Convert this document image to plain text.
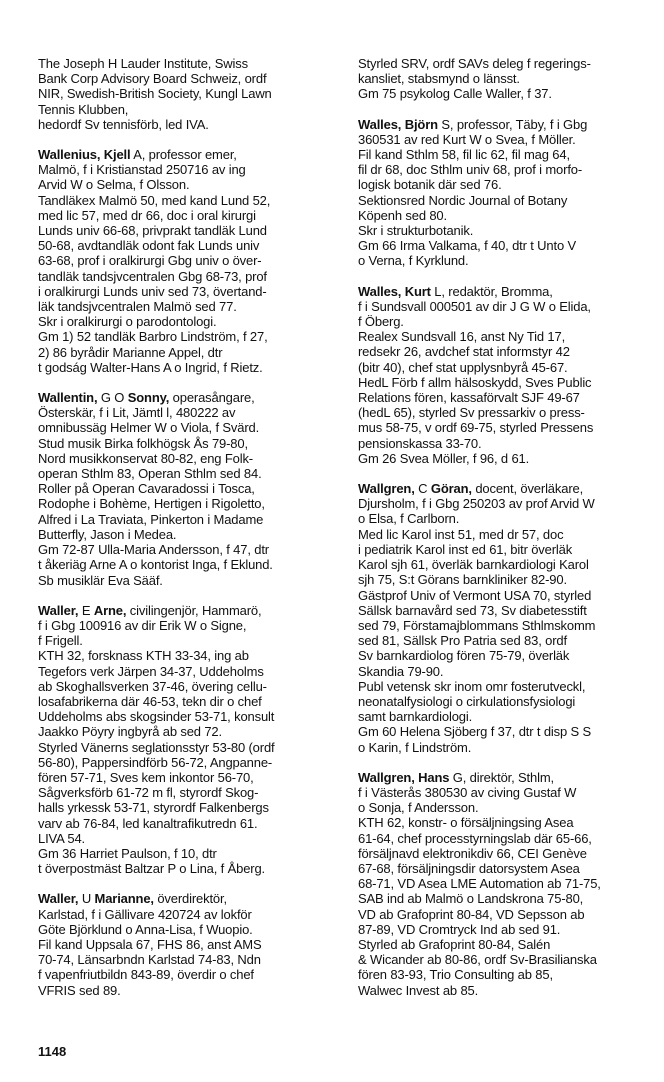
The Joseph H Lauder Institute, Swiss
Bank Corp Advisory Board Schweiz, ordf
NIR, Swedish-British Society, Kungl Lawn
Tennis Klubben,
hedordf Sv tennisförb, led IVA.
Wallenius, Kjell A, professor emer,
Malmö, f i Kristianstad 250716 av ing
Arvid W o Selma, f Olsson.
Tandläkex Malmö 50, med kand Lund 52,
med lic 57, med dr 66, doc i oral kirurgi
Lunds univ 66-68, privprakt tandläk Lund
50-68, avdtandläk odont fak Lunds univ
63-68, prof i oralkirurgi Gbg univ o över-
tandläk tandsjvcentralen Gbg 68-73, prof
i oralkirurgi Lunds univ sed 73, övertand-
läk tandsjvcentralen Malmö sed 77.
Skr i oralkirurgi o parodontologi.
Gm 1) 52 tandläk Barbro Lindström, f 27,
2) 86 byrådir Marianne Appel, dtr
t godság Walter-Hans A o Ingrid, f Rietz.
Wallentin, G O Sonny, operasångare,
Österskär, f i Lit, Jämtl l, 480222 av
omnibussäg Helmer W o Viola, f Svärd.
Stud musik Birka folkhögsk Ås 79-80,
Nord musikkonservat 80-82, eng Folk-
operan Sthlm 83, Operan Sthlm sed 84.
Roller på Operan Cavaradossi i Tosca,
Rodophe i Bohème, Hertigen i Rigoletto,
Alfred i La Traviata, Pinkerton i Madame
Butterfly, Jason i Medea.
Gm 72-87 Ulla-Maria Andersson, f 47, dtr
t åkeriäg Arne A o kontorist Inga, f Eklund.
Sb musiklär Eva Sääf.
Waller, E Arne, civilingenjör, Hammarö,
f i Gbg 100916 av dir Erik W o Signe,
f Frigell.
KTH 32, forsknass KTH 33-34, ing ab
Tegefors verk Järpen 34-37, Uddeholms
ab Skoghallsverken 37-46, övering cellu-
losafabrikerna där 46-53, tekn dir o chef
Uddeholms abs skogsinder 53-71, konsult
Jaakko Pöyry ingbyrå ab sed 72.
Styrled Vänerns seglationsstyr 53-80 (ordf
56-80), Pappersindförb 56-72, Angpanne-
fören 57-71, Sves kem inkontor 56-70,
Sågverksförb 61-72 m fl, styrordf Skog-
halls yrkessk 53-71, styrordf Falkenbergs
varv ab 76-84, led kanaltrafikutredn 61.
LIVA 54.
Gm 36 Harriet Paulson, f 10, dtr
t överpostmäst Baltzar P o Lina, f Åberg.
Waller, U Marianne, överdirektör,
Karlstad, f i Gällivare 420724 av lokför
Göte Björklund o Anna-Lisa, f Wuopio.
Fil kand Uppsala 67, FHS 86, anst AMS
70-74, Länsarbndn Karlstad 74-83, Ndn
f vapenfriutbildn 843-89, överdir o chef
VFRIS sed 89.
Styrled SRV, ordf SAVs deleg f regerings-
kansliet, stabsmynd o länsst.
Gm 75 psykolog Calle Waller, f 37.
Walles, Björn S, professor, Täby, f i Gbg
360531 av red Kurt W o Svea, f Möller.
Fil kand Sthlm 58, fil lic 62, fil mag 64,
fil dr 68, doc Sthlm univ 68, prof i morfo-
logisk botanik där sed 76.
Sektionsred Nordic Journal of Botany
Köpenh sed 80.
Skr i strukturbotanik.
Gm 66 Irma Valkama, f 40, dtr t Unto V
o Verna, f Kyrklund.
Walles, Kurt L, redaktör, Bromma,
f i Sundsvall 000501 av dir J G W o Elida,
f Öberg.
Realex Sundsvall 16, anst Ny Tid 17,
redsekr 26, avdchef stat informstyr 42
(bitr 40), chef stat upplysnbyrå 45-67.
HedL Förb f allm hälsoskydd, Sves Public
Relations fören, kassaförvalt SJF 49-67
(hedL 65), styrled Sv pressarkiv o press-
mus 58-75, v ordf 69-75, styrled Pressens
pensionskassa 33-70.
Gm 26 Svea Möller, f 96, d 61.
Wallgren, C Göran, docent, överläkare,
Djursholm, f i Gbg 250203 av prof Arvid W
o Elsa, f Carlborn.
Med lic Karol inst 51, med dr 57, doc
i pediatrik Karol inst ed 61, bitr överläk
Karol sjh 61, överläk barnkardiologi Karol
sjh 75, S:t Görans barnkliniker 82-90.
Gästprof Univ of Vermont USA 70, styrled
Sällsk barnavård sed 73, Sv diabetesstift
sed 79, Förstamajblommans Sthlmskomm
sed 81, Sällsk Pro Patria sed 83, ordf
Sv barnkardiolog fören 75-79, överläk
Skandia 79-90.
Publ vetensk skr inom omr fosterutveckl,
neonatalfysiologi o cirkulationsfysiologi
samt barnkardiologi.
Gm 60 Helena Sjöberg f 37, dtr t disp S S
o Karin, f Lindström.
Wallgren, Hans G, direktör, Sthlm,
f i Västerås 380530 av civing Gustaf W
o Sonja, f Andersson.
KTH 62, konstr- o försäljningsing Asea
61-64, chef processtyrningslab där 65-66,
försäljnavd elektronikdiv 66, CEI Genève
67-68, försäljningsdir datorsystem Asea
68-71, VD Asea LME Automation ab 71-75,
SAB ind ab Malmö o Landskrona 75-80,
VD ab Grafoprint 80-84, VD Sepsson ab
87-89, VD Cromtryck Ind ab sed 91.
Styrled ab Grafoprint 80-84, Salén
& Wicander ab 80-86, ordf Sv-Brasilianska
fören 83-93, Trio Consulting ab 85,
Walwec Invest ab 85.
1148
